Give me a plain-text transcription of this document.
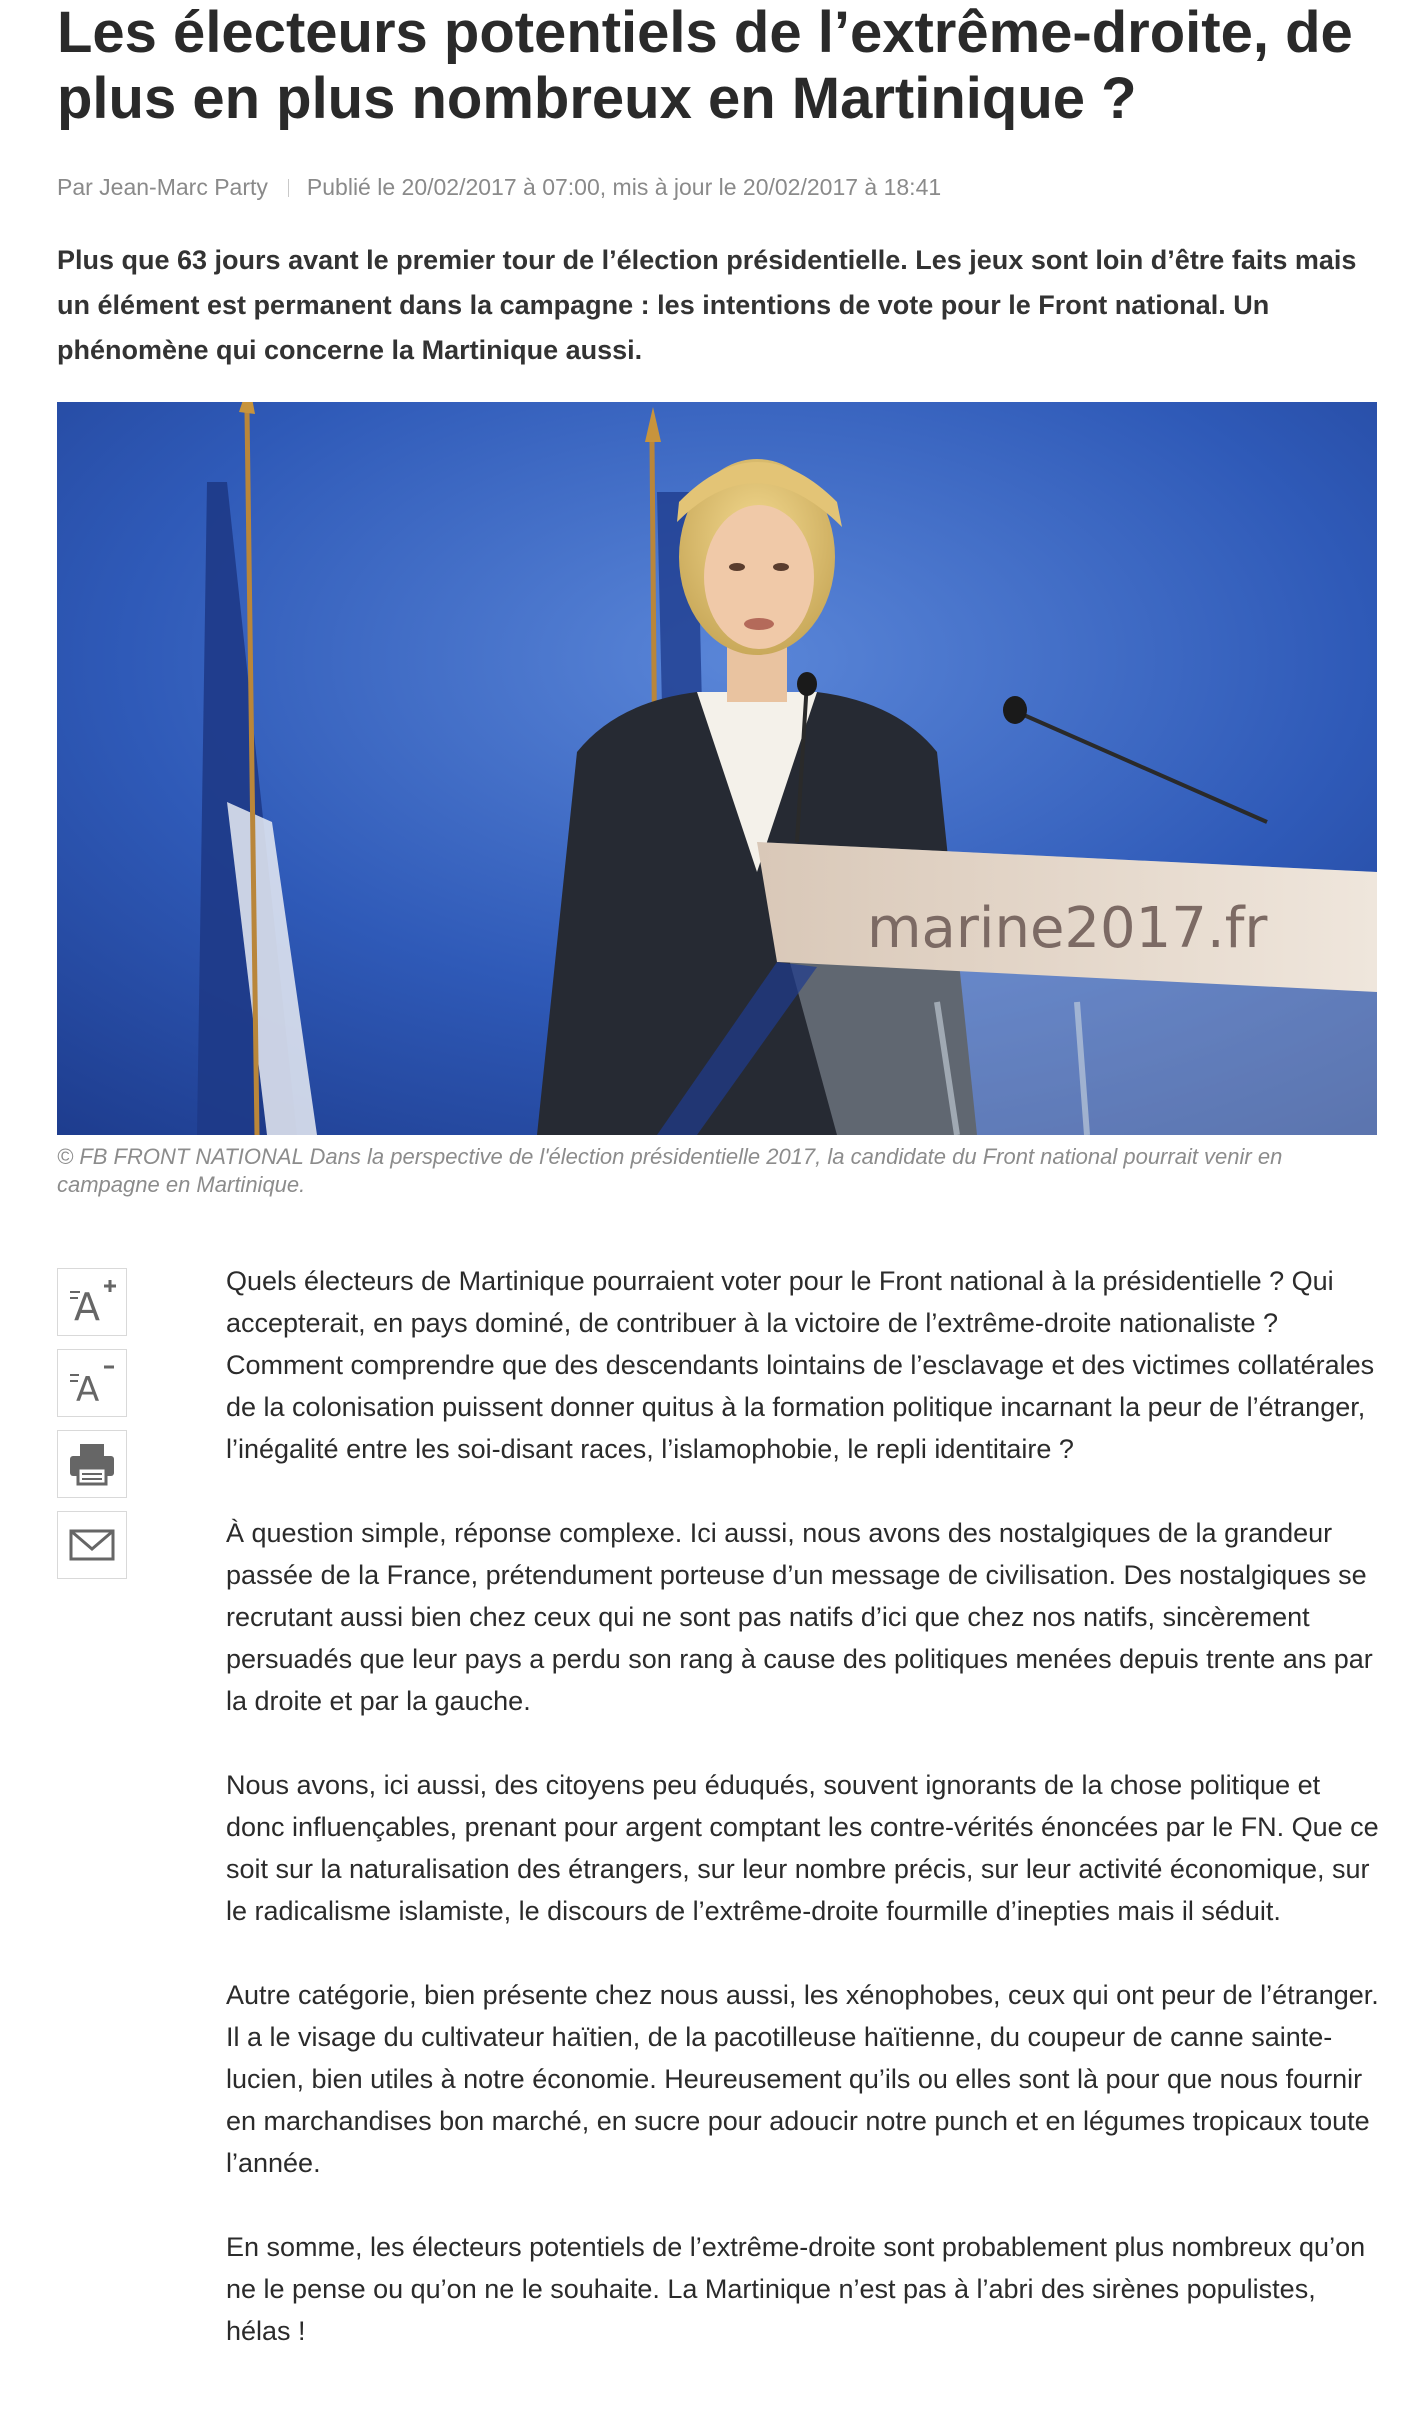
Les électeurs potentiels de l’extrême-droite, de plus en plus nombreux en Martinique ?
Par Jean-Marc Party Publié le 20/02/2017 à 07:00, mis à jour le 20/02/2017 à 18:41

Plus que 63 jours avant le premier tour de l’élection présidentielle. Les jeux sont loin d’être faits mais un élément est permanent dans la campagne : les intentions de vote pour le Front national. Un phénomène qui concerne la Martinique aussi.

marine2017.fr

© FB FRONT NATIONAL Dans la perspective de l'élection présidentielle 2017, la candidate du Front national pourrait venir en campagne en Martinique.

A
A

Quels électeurs de Martinique pourraient voter pour le Front national à la présidentielle ? Qui accepterait, en pays dominé, de contribuer à la victoire de l’extrême-droite nationaliste ? Comment comprendre que des descendants lointains de l’esclavage et des victimes collatérales de la colonisation puissent donner quitus à la formation politique incarnant la peur de l’étranger, l’inégalité entre les soi-disant races, l’islamophobie, le repli identitaire ?

À question simple, réponse complexe. Ici aussi, nous avons des nostalgiques de la grandeur passée de la France, prétendument porteuse d’un message de civilisation. Des nostalgiques se recrutant aussi bien chez ceux qui ne sont pas natifs d’ici que chez nos natifs, sincèrement persuadés que leur pays a perdu son rang à cause des politiques menées depuis trente ans par la droite et par la gauche.

Nous avons, ici aussi, des citoyens peu éduqués, souvent ignorants de la chose politique et donc influençables, prenant pour argent comptant les contre-vérités énoncées par le FN. Que ce soit sur la naturalisation des étrangers, sur leur nombre précis, sur leur activité économique, sur le radicalisme islamiste, le discours de l’extrême-droite fourmille d’inepties mais il séduit.

Autre catégorie, bien présente chez nous aussi, les xénophobes, ceux qui ont peur de l’étranger. Il a le visage du cultivateur haïtien, de la pacotilleuse haïtienne, du coupeur de canne sainte-lucien, bien utiles à notre économie. Heureusement qu’ils ou elles sont là pour que nous fournir en marchandises bon marché, en sucre pour adoucir notre punch et en légumes tropicaux toute l’année.

En somme, les électeurs potentiels de l’extrême-droite sont probablement plus nombreux qu’on ne le pense ou qu’on ne le souhaite. La Martinique n’est pas à l’abri des sirènes populistes, hélas !
